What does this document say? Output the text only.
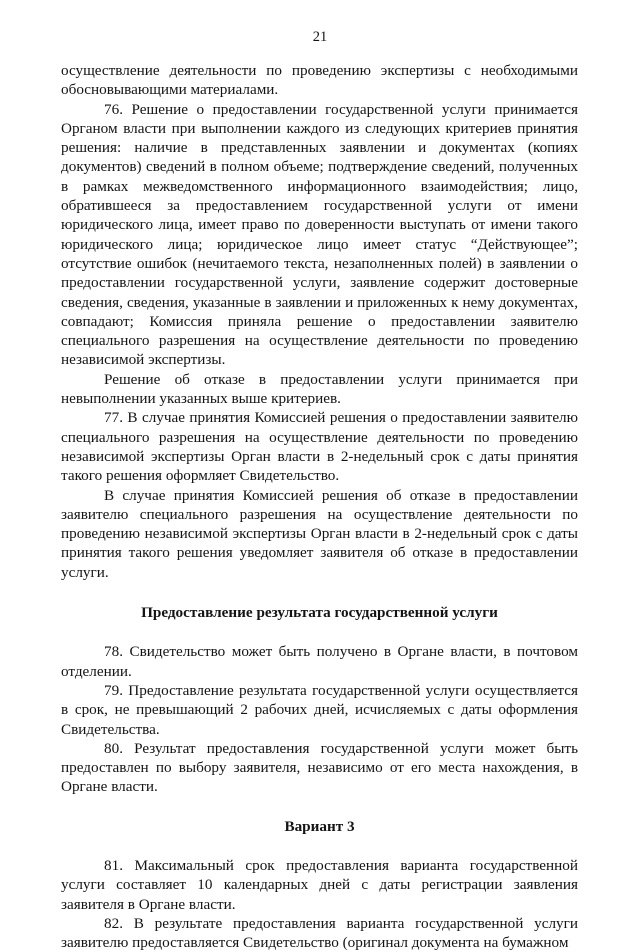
21

осуществление деятельности по проведению экспертизы с необходимыми обосновывающими материалами.

76. Решение о предоставлении государственной услуги принимается Органом власти при выполнении каждого из следующих критериев принятия решения: наличие в представленных заявлении и документах (копиях документов) сведений в полном объеме; подтверждение сведений, полученных в рамках межведомственного информационного взаимодействия; лицо, обратившееся за предоставлением государственной услуги от имени юридического лица, имеет право по доверенности выступать от имени такого юридического лица; юридическое лицо имеет статус “Действующее”; отсутствие ошибок (нечитаемого текста, незаполненных полей) в заявлении о предоставлении государственной услуги, заявление содержит достоверные сведения, сведения, указанные в заявлении и приложенных к нему документах, совпадают; Комиссия приняла решение о предоставлении заявителю специального разрешения на осуществление деятельности по проведению независимой экспертизы.

Решение об отказе в предоставлении услуги принимается при невыполнении указанных выше критериев.

77. В случае принятия Комиссией решения о предоставлении заявителю специального разрешения на осуществление деятельности по проведению независимой экспертизы Орган власти в 2-недельный срок с даты принятия такого решения оформляет Свидетельство.

В случае принятия Комиссией решения об отказе в предоставлении заявителю специального разрешения на осуществление деятельности по проведению независимой экспертизы Орган власти в 2-недельный срок с даты принятия такого решения уведомляет заявителя об отказе в предоставлении услуги.

Предоставление результата государственной услуги

78. Свидетельство может быть получено в Органе власти, в почтовом отделении.

79. Предоставление результата государственной услуги осуществляется в срок, не превышающий 2 рабочих дней, исчисляемых с даты оформления Свидетельства.

80. Результат предоставления государственной услуги может быть предоставлен по выбору заявителя, независимо от его места нахождения, в Органе власти.

Вариант 3

81. Максимальный срок предоставления варианта государственной услуги составляет 10 календарных дней с даты регистрации заявления заявителя в Органе власти.

82. В результате предоставления варианта государственной услуги заявителю предоставляется Свидетельство (оригинал документа на бумажном
